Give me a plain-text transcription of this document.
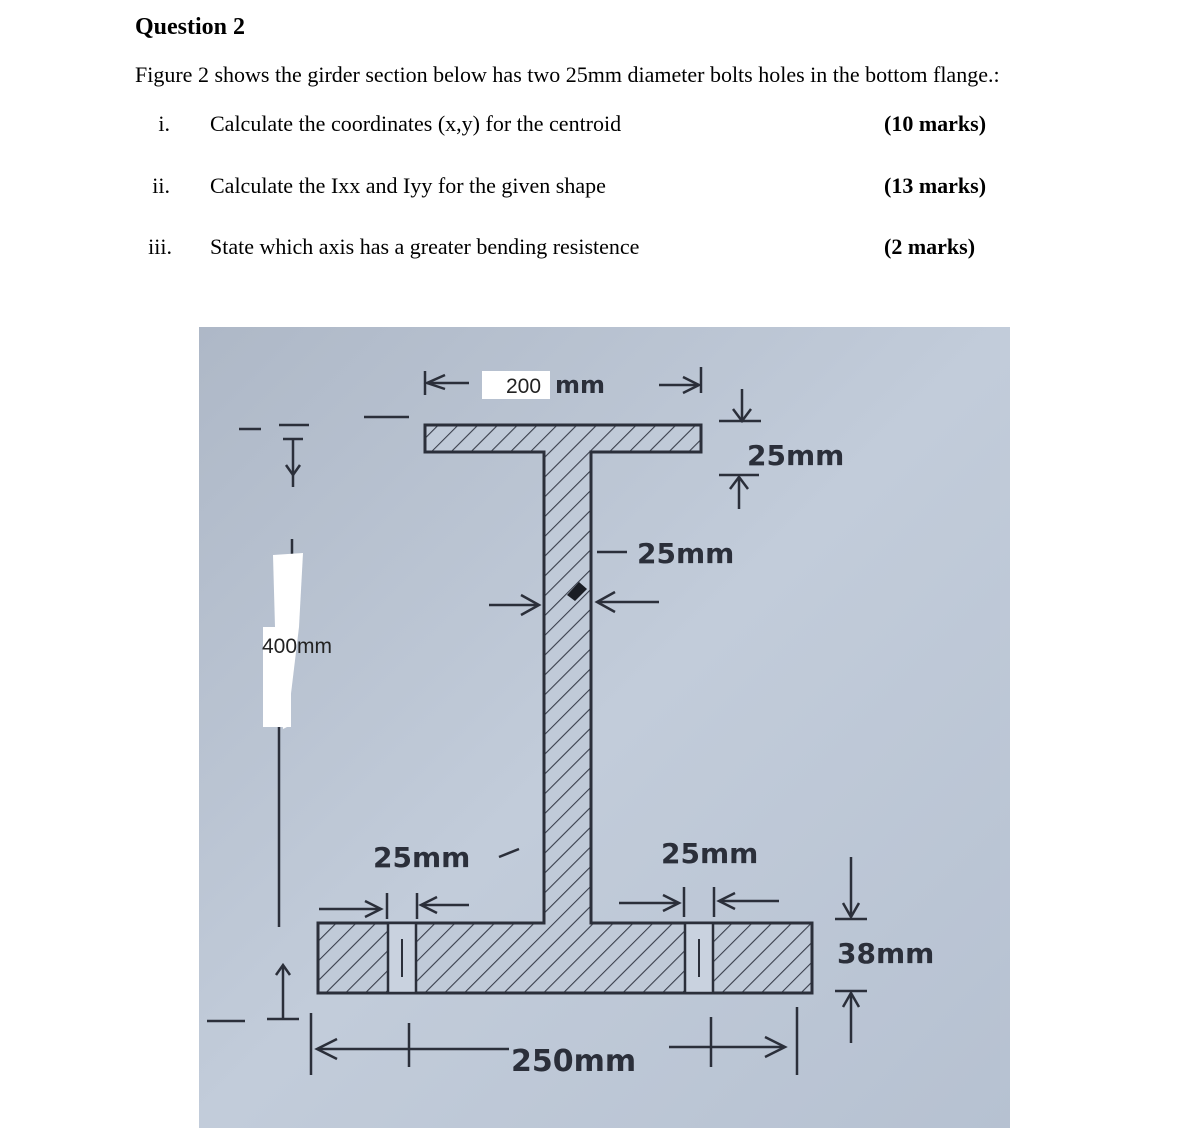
Question 2
Figure 2 shows the girder section below has two 25mm diameter bolts holes in the bottom flange.:
i. Calculate the coordinates (x,y) for the centroid	(10 marks)
ii. Calculate the Ixx and Iyy for the given shape	(13 marks)
iii. State which axis has a greater bending resistence	(2 marks)
200 mm
25mm
25mm
400mm
25mm	25mm
38mm
250mm
